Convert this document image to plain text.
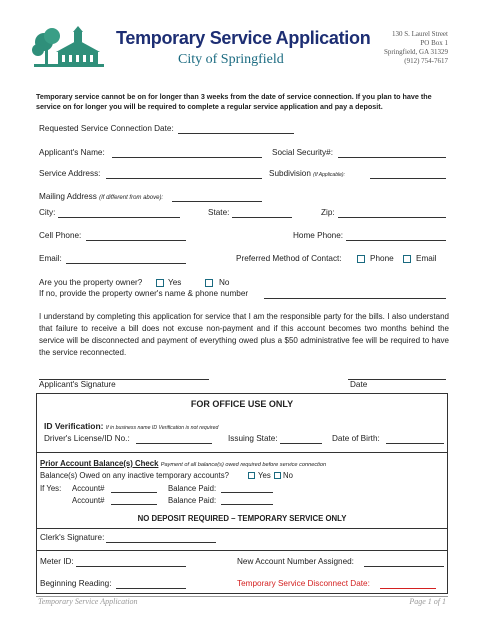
Temporary Service Application
City of Springfield
130 S. Laurel Street
PO Box 1
Springfield, GA 31329
(912) 754-7617
Temporary service cannot be on for longer than 3 weeks from the date of service connection. If you plan to have the service on for longer you will be required to complete a regular service application and pay a deposit.
Requested Service Connection Date:
Applicant's Name:	Social Security#:
Service Address:	Subdivision (If Applicable):
Mailing Address (If different from above):
City:	State:	Zip:
Cell Phone:	Home Phone:
Email:	Preferred Method of Contact:	Phone	Email
Are you the property owner?	Yes	No
If no, provide the property owner's name & phone number
I understand by completing this application for service that I am the responsible party for the bills. I also understand that failure to receive a bill does not excuse non-payment and if this account becomes two months behind the service will be disconnected and payment of everything owed plus a $50 administrative fee will be required to have the service reconnected.
Applicant's Signature	Date
FOR OFFICE USE ONLY
ID Verification: If in business name ID Verification is not required
Driver's License/ID No.:	Issuing State:	Date of Birth:
Prior Account Balance(s) Check Payment of all balance(s) owed required before service connection
Balance(s) Owed on any inactive temporary accounts?	Yes No
If Yes: Account#	Balance Paid:
Account#	Balance Paid:
NO DEPOSIT REQUIRED – TEMPORARY SERVICE ONLY
Clerk's Signature:
Meter ID:	New Account Number Assigned:
Beginning Reading:	Temporary Service Disconnect Date:
Temporary Service Application	Page 1 of 1
